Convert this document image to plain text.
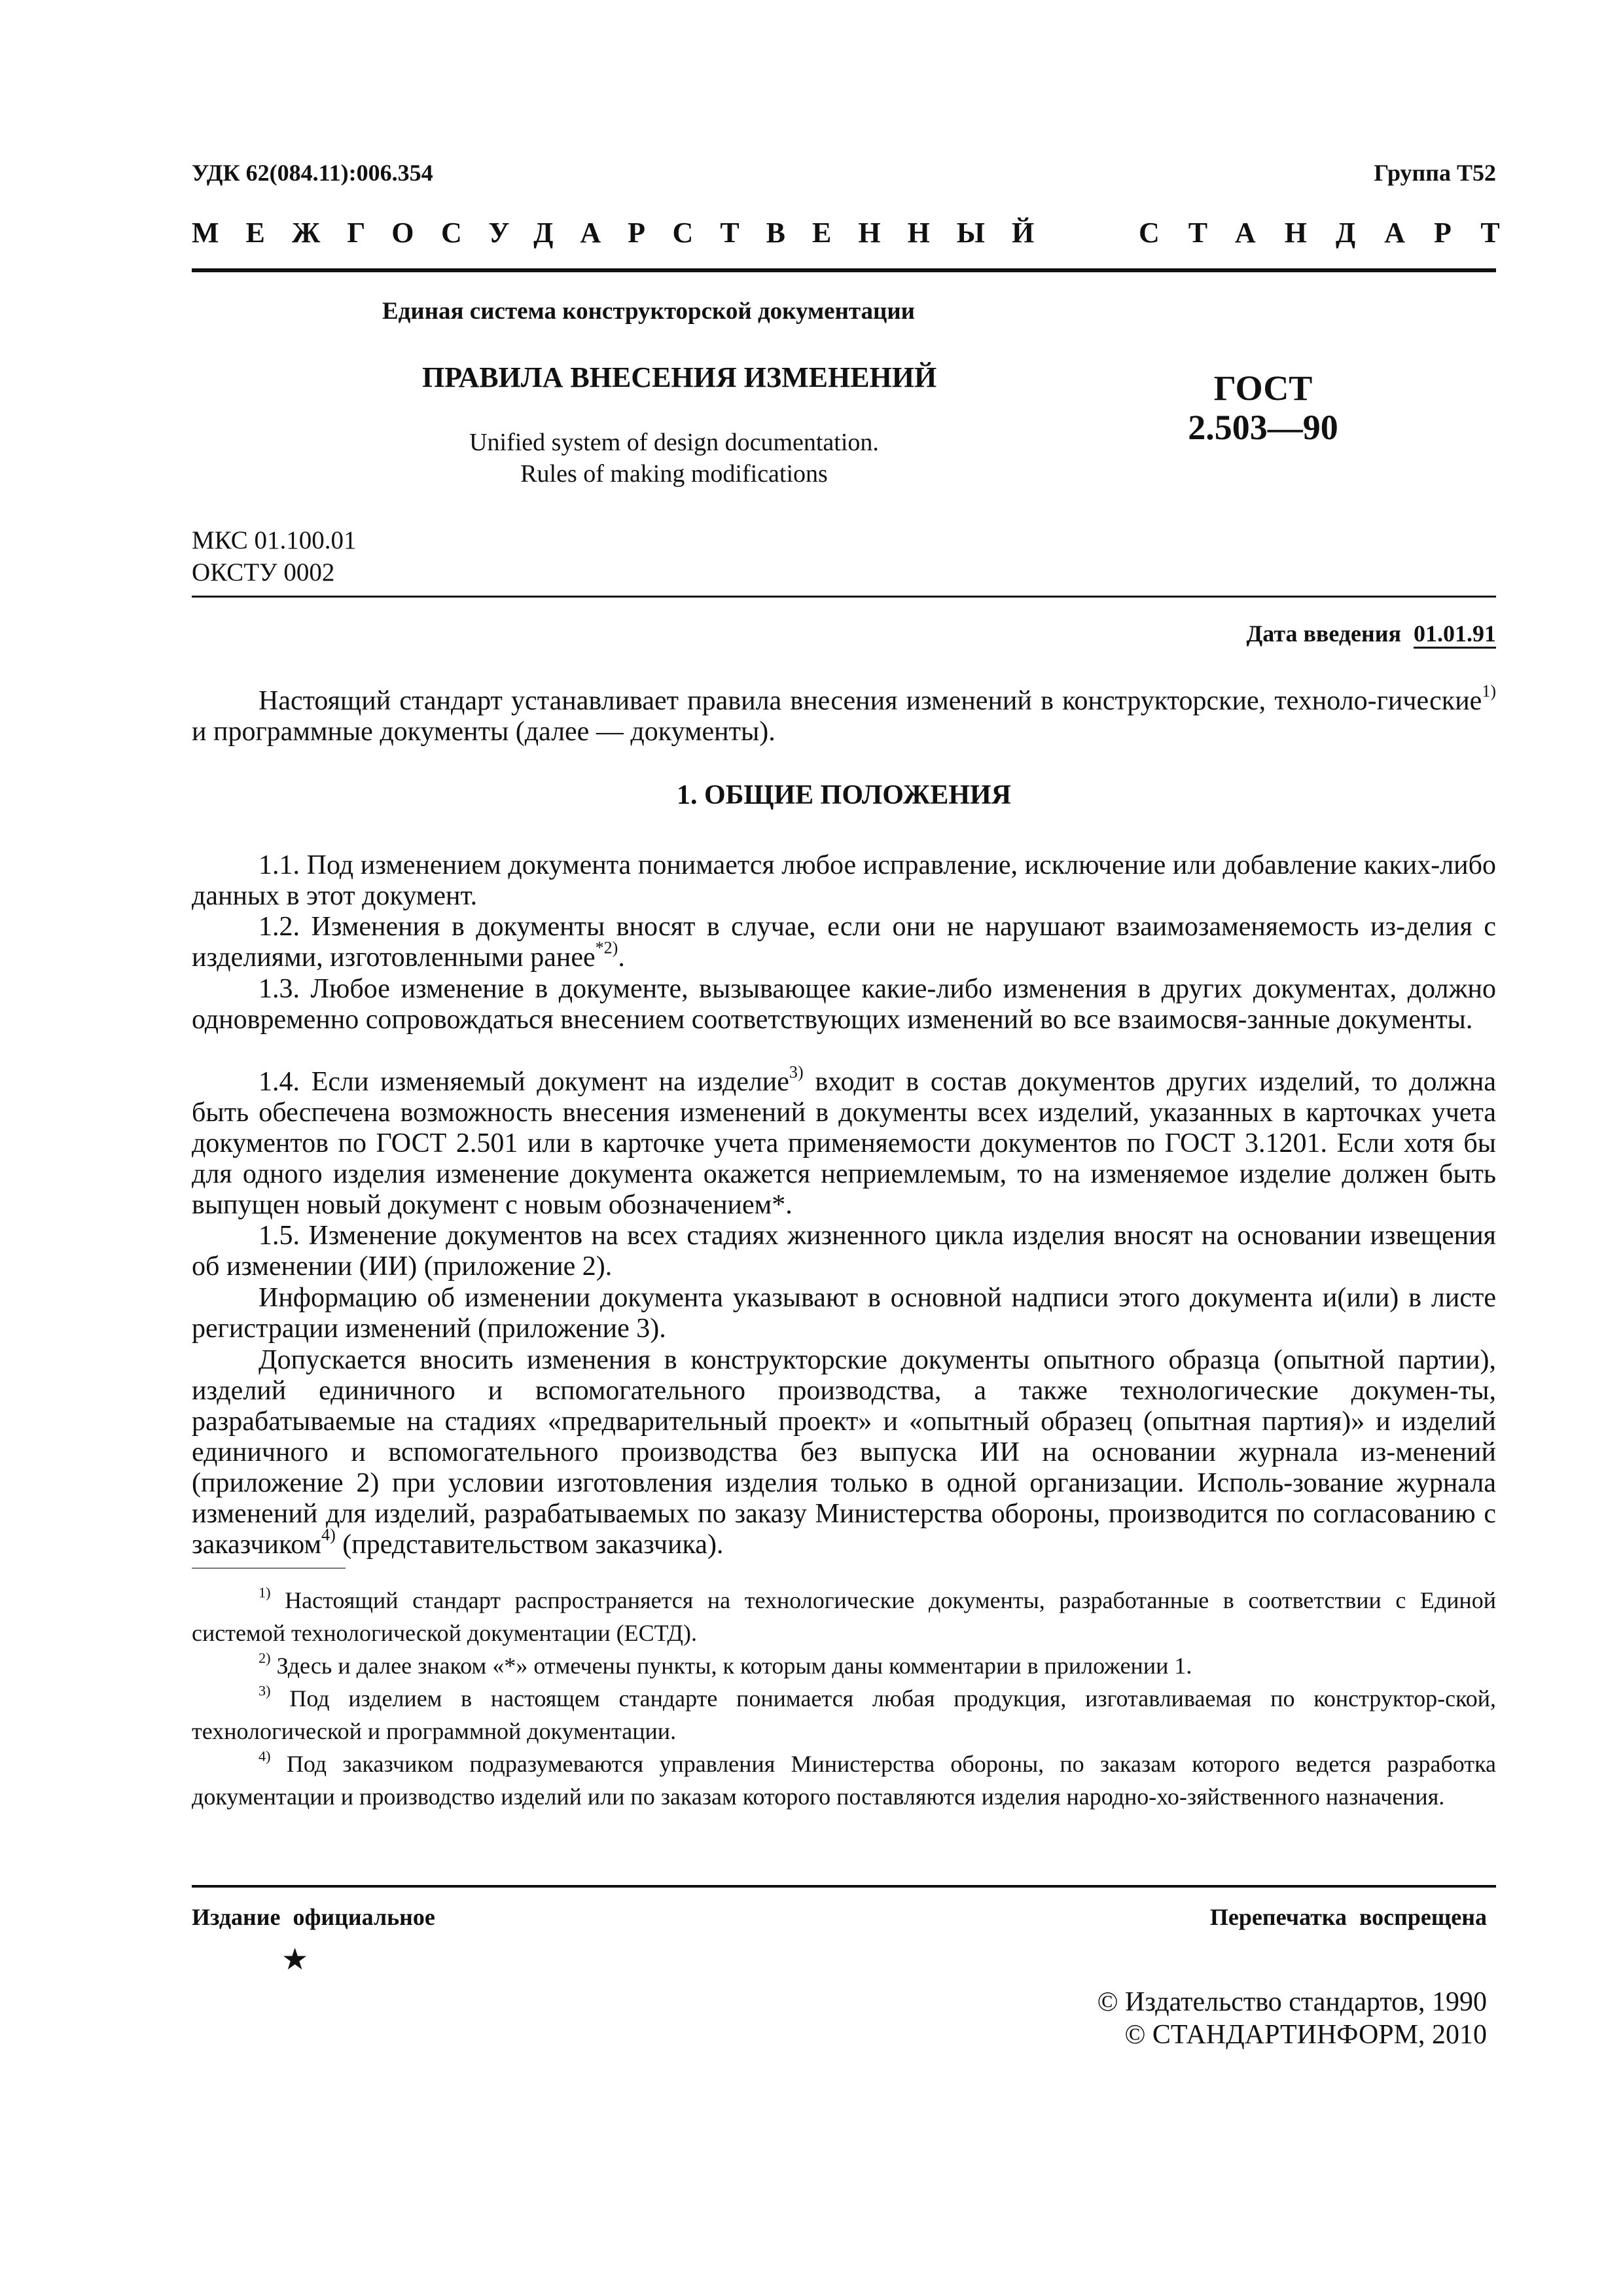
УДК 62(084.11):006.354	Группа Т52
МЕЖГОСУДАРСТВЕННЫЙ	СТАНДАРТ
Единая система конструкторской документации
ПРАВИЛА ВНЕСЕНИЯ ИЗМЕНЕНИЙ
Unified system of design documentation.
Rules of making modifications
ГОСТ
2.503—90
МКС 01.100.01
ОКСТУ 0002
Дата введения 01.01.91

Настоящий стандарт устанавливает правила внесения изменений в конструкторские, техноло-гические$^{1)}$ и программные документы (далее — документы).

1. ОБЩИЕ ПОЛОЖЕНИЯ

1.1. Под изменением документа понимается любое исправление, исключение или добавление каких-либо данных в этот документ.

1.2. Изменения в документы вносят в случае, если они не нарушают взаимозаменяемость из-делия с изделиями, изготовленными ранее$^{*2)}$.

1.3. Любое изменение в документе, вызывающее какие-либо изменения в других документах, должно одновременно сопровождаться внесением соответствующих изменений во все взаимосвя-занные документы.

1.4. Если изменяемый документ на изделие$^{3)}$ входит в состав документов других изделий, то должна быть обеспечена возможность внесения изменений в документы всех изделий, указанных в карточках учета документов по ГОСТ 2.501 или в карточке учета применяемости документов по ГОСТ 3.1201. Если хотя бы для одного изделия изменение документа окажется неприемлемым, то на изменяемое изделие должен быть выпущен новый документ с новым обозначением*.

1.5. Изменение документов на всех стадиях жизненного цикла изделия вносят на основании извещения об изменении (ИИ) (приложение 2).

Информацию об изменении документа указывают в основной надписи этого документа и(или) в листе регистрации изменений (приложение 3).

Допускается вносить изменения в конструкторские документы опытного образца (опытной партии), изделий единичного и вспомогательного производства, а также технологические докумен-ты, разрабатываемые на стадиях «предварительный проект» и «опытный образец (опытная партия)» и изделий единичного и вспомогательного производства без выпуска ИИ на основании журнала из-менений (приложение 2) при условии изготовления изделия только в одной организации. Исполь-зование журнала изменений для изделий, разрабатываемых по заказу Министерства обороны, производится по согласованию с заказчиком$^{4)}$ (представительством заказчика).

$^{1)}$ Настоящий стандарт распространяется на технологические документы, разработанные в соответствии с Единой системой технологической документации (ЕСТД).

$^{2)}$ Здесь и далее знаком «*» отмечены пункты, к которым даны комментарии в приложении 1.

$^{3)}$ Под изделием в настоящем стандарте понимается любая продукция, изготавливаемая по конструктор-ской, технологической и программной документации.

$^{4)}$ Под заказчиком подразумеваются управления Министерства обороны, по заказам которого ведется разработка документации и производство изделий или по заказам которого поставляются изделия народно-хо-зяйственного назначения.

Издание официальное	Перепечатка воспрещена
★
© Издательство стандартов, 1990
© СТАНДАРТИНФОРМ, 2010
